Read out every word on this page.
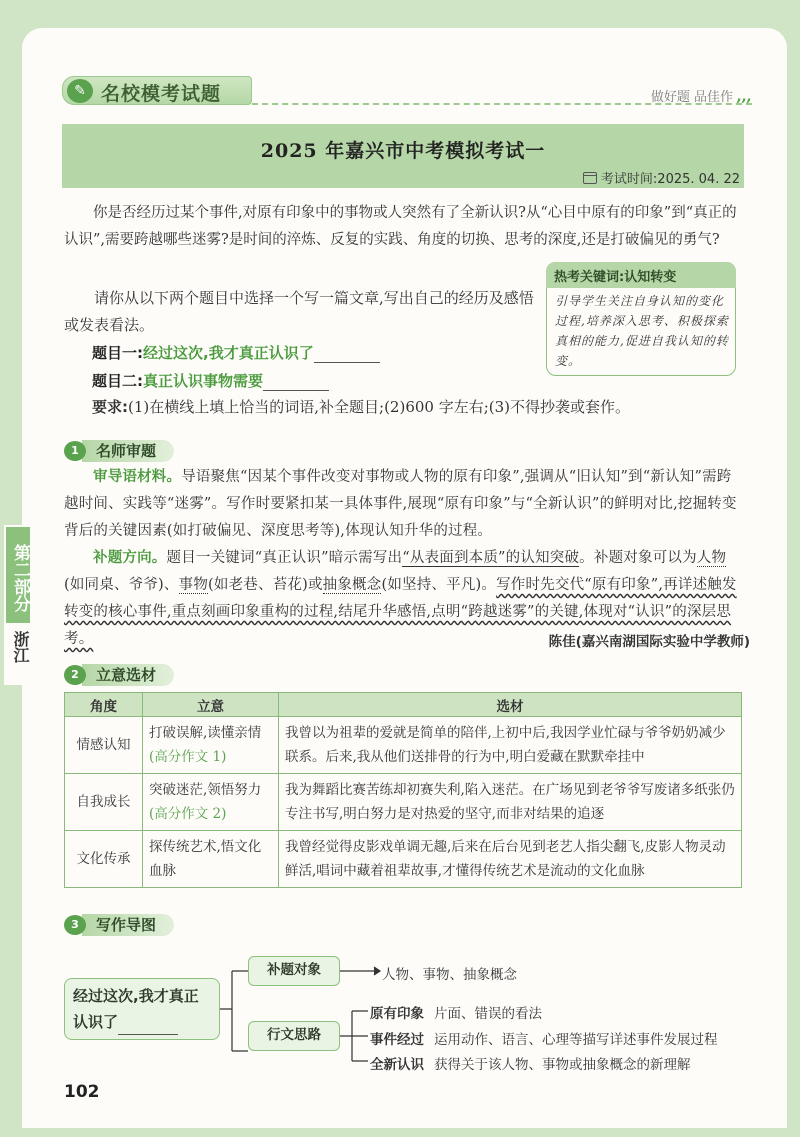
第二部分
浙江
✎ 名校模考试题	做好题 品佳作 ,,,
2025 年嘉兴市中考模拟考试一
考试时间:2025. 04. 22
你是否经历过某个事件,对原有印象中的事物或人突然有了全新认识?从“心目中原有的印象”到“真正的认识”,需要跨越哪些迷雾?是时间的淬炼、反复的实践、角度的切换、思考的深度,还是打破偏见的勇气?
请你从以下两个题目中选择一个写一篇文章,写出自己的经历及感悟或发表看法。
热考关键词:认知转变
引导学生关注自身认知的变化过程,培养深入思考、积极探索真相的能力,促进自我认知的转变。
题目一:经过这次,我才真正认识了
题目二:真正认识事物需要
要求:(1)在横线上填上恰当的词语,补全题目;(2)600 字左右;(3)不得抄袭或套作。
名师审题
1
审导语材料。导语聚焦“因某个事件改变对事物或人物的原有印象”,强调从“旧认知”到“新认知”需跨越时间、实践等“迷雾”。写作时要紧扣某一具体事件,展现“原有印象”与“全新认识”的鲜明对比,挖掘转变背后的关键因素(如打破偏见、深度思考等),体现认知升华的过程。
补题方向。题目一关键词“真正认识”暗示需写出“从表面到本质”的认知突破。补题对象可以为人物(如同桌、爷爷)、事物(如老巷、苔花)或抽象概念(如坚持、平凡)。写作时先交代“原有印象”,再详述触发转变的核心事件,重点刻画印象重构的过程,结尾升华感悟,点明“跨越迷雾”的关键,体现对“认识”的深层思考。	陈佳(嘉兴南湖国际实验中学教师)
立意选材
2
角度	立意	选材
情感认知	打破误解,读懂亲情(高分作文 1)	我曾以为祖辈的爱就是简单的陪伴,上初中后,我因学业忙碌与爷爷奶奶减少联系。后来,我从他们送排骨的行为中,明白爱藏在默默牵挂中
自我成长	突破迷茫,领悟努力(高分作文 2)	我为舞蹈比赛苦练却初赛失利,陷入迷茫。在广场见到老爷爷写废诸多纸张仍专注书写,明白努力是对热爱的坚守,而非对结果的追逐
文化传承	探传统艺术,悟文化血脉	我曾经觉得皮影戏单调无趣,后来在后台见到老艺人指尖翻飞,皮影人物灵动鲜活,唱词中藏着祖辈故事,才懂得传统艺术是流动的文化血脉
写作导图
3
经过这次,我才真正认识了
补题对象	人物、事物、抽象概念
行文思路
原有印象 片面、错误的看法
事件经过 运用动作、语言、心理等描写详述事件发展过程
全新认识 获得关于该人物、事物或抽象概念的新理解
102
